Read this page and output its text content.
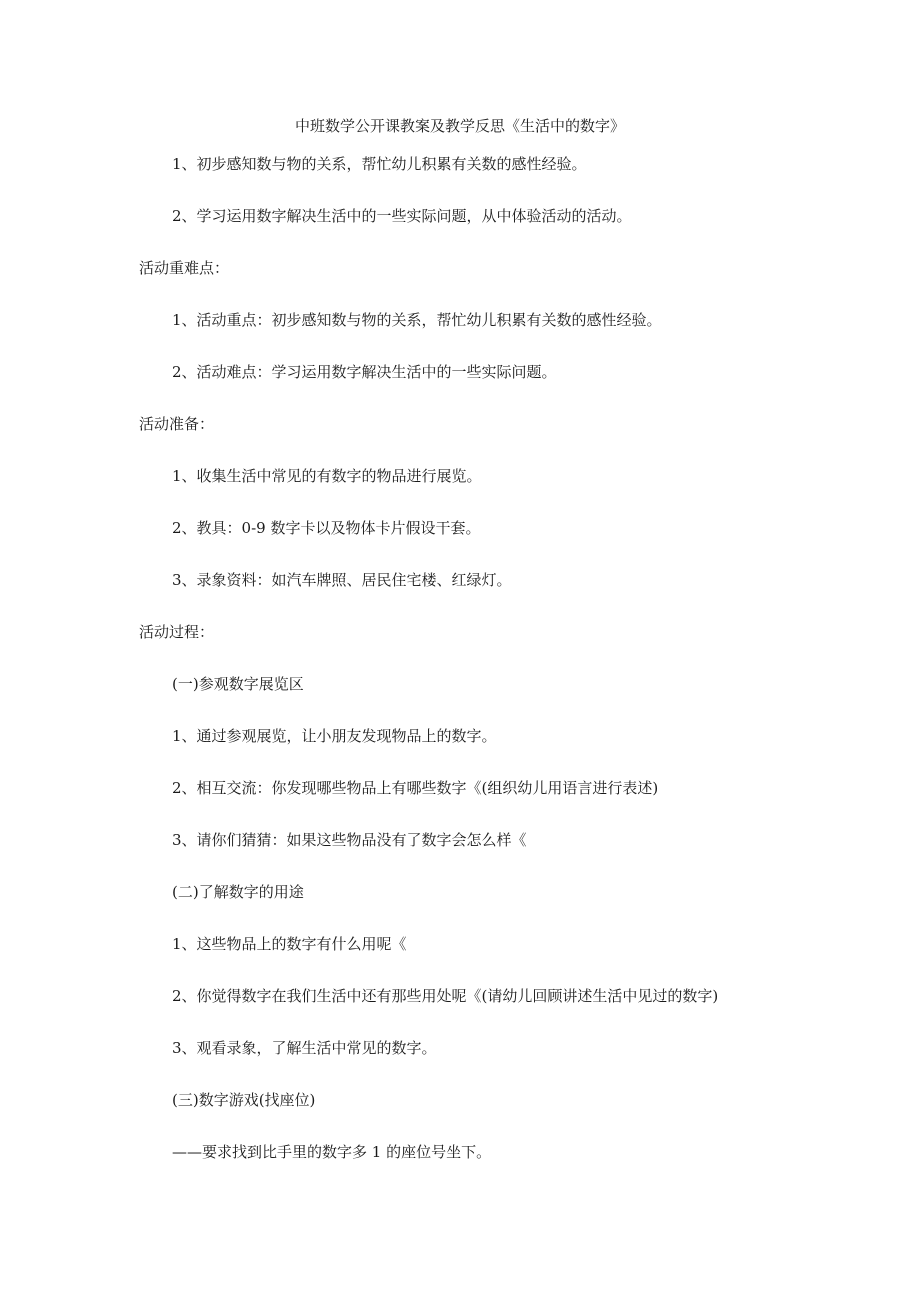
中班数学公开课教案及教学反思《生活中的数字》
1、初步感知数与物的关系，帮忙幼儿积累有关数的感性经验。
2、学习运用数字解决生活中的一些实际问题，从中体验活动的活动。
活动重难点：
1、活动重点：初步感知数与物的关系，帮忙幼儿积累有关数的感性经验。
2、活动难点：学习运用数字解决生活中的一些实际问题。
活动准备：
1、收集生活中常见的有数字的物品进行展览。
2、教具：0-9 数字卡以及物体卡片假设干套。
3、录象资料：如汽车牌照、居民住宅楼、红绿灯。
活动过程：
(一)参观数字展览区
1、通过参观展览，让小朋友发现物品上的数字。
2、相互交流：你发现哪些物品上有哪些数字《(组织幼儿用语言进行表述)
3、请你们猜猜：如果这些物品没有了数字会怎么样《
(二)了解数字的用途
1、这些物品上的数字有什么用呢《
2、你觉得数字在我们生活中还有那些用处呢《(请幼儿回顾讲述生活中见过的数字)
3、观看录象，了解生活中常见的数字。
(三)数字游戏(找座位)
——要求找到比手里的数字多 1 的座位号坐下。
